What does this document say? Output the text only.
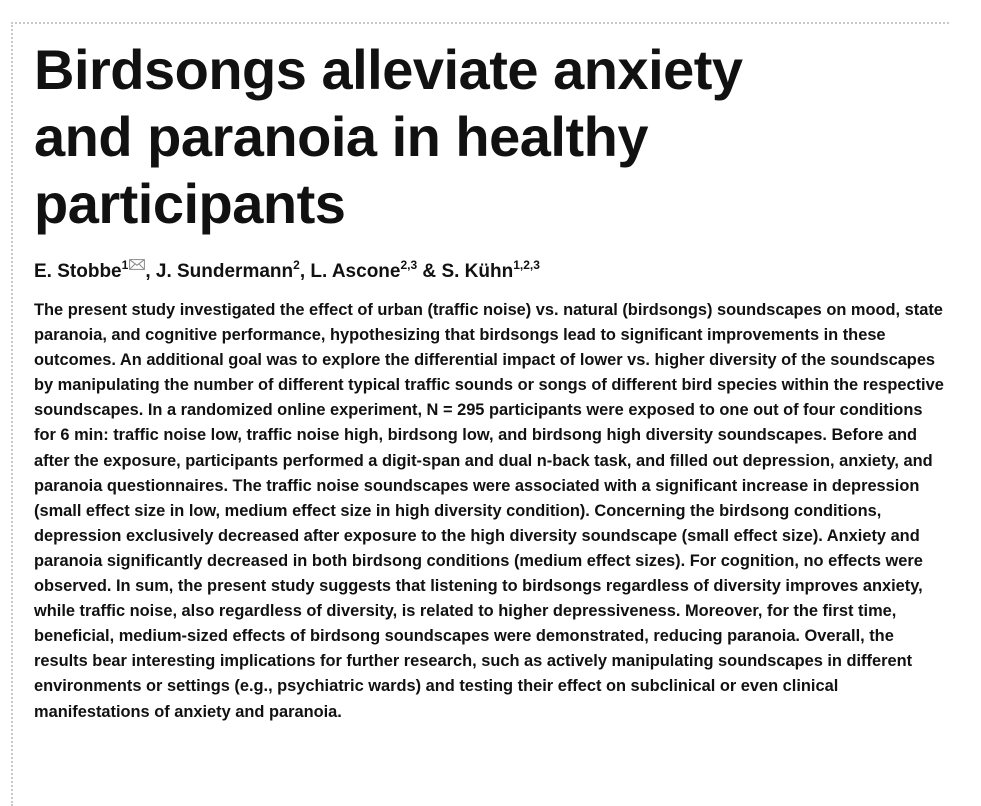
Birdsongs alleviate anxiety and paranoia in healthy participants

E. Stobbe$^1$ , J. Sundermann$^2$, L. Ascone$^{2,3}$ & S. Kühn$^{1,2,3}$

The present study investigated the effect of urban (traffic noise) vs. natural (birdsongs) soundscapes on mood, state paranoia, and cognitive performance, hypothesizing that birdsongs lead to significant improvements in these outcomes. An additional goal was to explore the differential impact of lower vs. higher diversity of the soundscapes by manipulating the number of different typical traffic sounds or songs of different bird species within the respective soundscapes. In a randomized online experiment, N = 295 participants were exposed to one out of four conditions for 6 min: traffic noise low, traffic noise high, birdsong low, and birdsong high diversity soundscapes. Before and after the exposure, participants performed a digit-span and dual n-back task, and filled out depression, anxiety, and paranoia questionnaires. The traffic noise soundscapes were associated with a significant increase in depression (small effect size in low, medium effect size in high diversity condition). Concerning the birdsong conditions, depression exclusively decreased after exposure to the high diversity soundscape (small effect size). Anxiety and paranoia significantly decreased in both birdsong conditions (medium effect sizes). For cognition, no effects were observed. In sum, the present study suggests that listening to birdsongs regardless of diversity improves anxiety, while traffic noise, also regardless of diversity, is related to higher depressiveness. Moreover, for the first time, beneficial, medium-sized effects of birdsong soundscapes were demonstrated, reducing paranoia. Overall, the results bear interesting implications for further research, such as actively manipulating soundscapes in different environments or settings (e.g., psychiatric wards) and testing their effect on subclinical or even clinical manifestations of anxiety and paranoia.
